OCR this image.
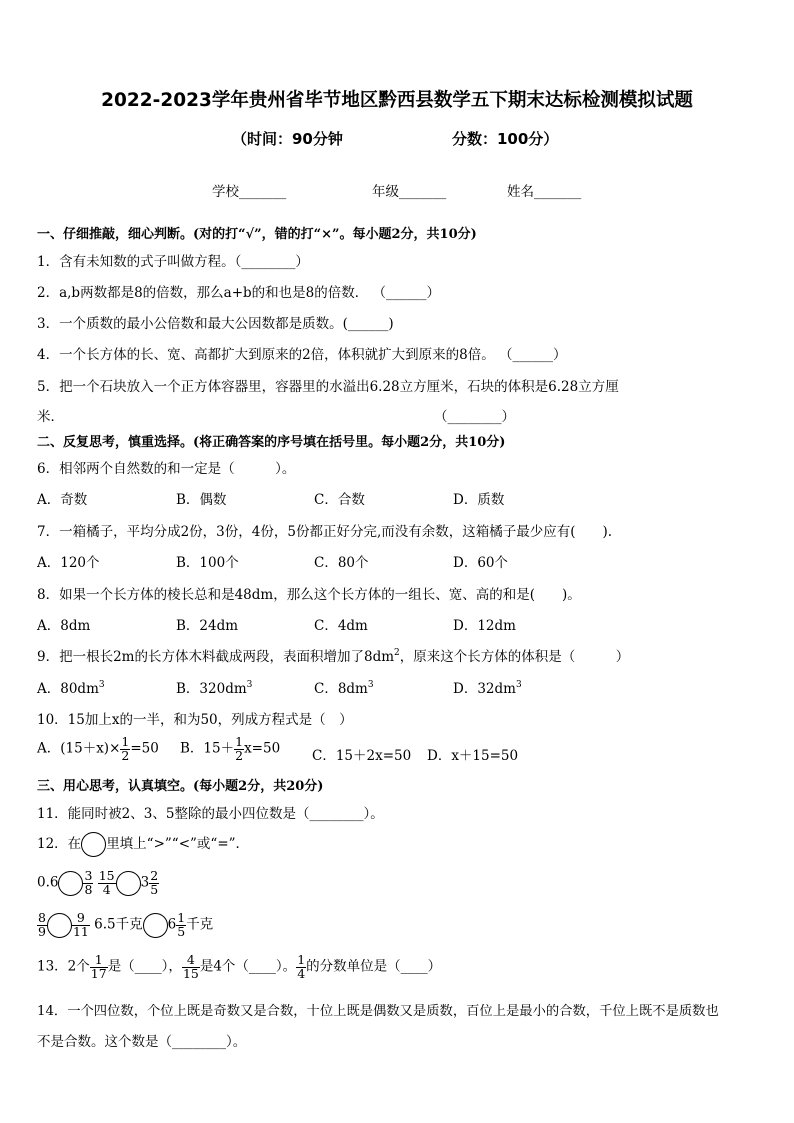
2022-2023学年贵州省毕节地区黔西县数学五下期末达标检测模拟试题
（时间：90分钟	分数：100分）
学校_______	年级_______	姓名_______
一、仔细推敲，细心判断。(对的打“√”，错的打“×”。每小题2分，共10分)
1．含有未知数的式子叫做方程。（________）
2．a,b两数都是8的倍数，那么a+b的和也是8的倍数． （______）
3．一个质数的最小公倍数和最大公因数都是质数。(______)
4．一个长方体的长、宽、高都扩大到原来的2倍，体积就扩大到原来的8倍。 （______）
5．把一个石块放入一个正方体容器里，容器里的水溢出6.28立方厘米，石块的体积是6.28立方厘
米．	（________）
二、反复思考，慎重选择。(将正确答案的序号填在括号里。每小题2分，共10分)
6．相邻两个自然数的和一定是（　　　）。
A．奇数	B．偶数	C．合数	D．质数
7．一箱橘子，平均分成2份，3份，4份，5份都正好分完,而没有余数，这箱橘子最少应有(　　).
A．120个	B．100个	C．80个	D．60个
8．如果一个长方体的棱长总和是48dm，那么这个长方体的一组长、宽、高的和是(　　)。
A．8dm	B．24dm	C．4dm	D．12dm
9．把一根长2m的长方体木料截成两段，表面积增加了$8dm^2$，原来这个长方体的体积是（　　　）
A．$80dm^3$	B．$320dm^3$	C．$8dm^3$	D．$32dm^3$
10．15加上x的一半，和为50，列成方程式是（　）
A．$(15+x)\times \frac{1}{2} =50$ B．$15+ \frac{1}{2} x=50$ C．15＋2x=50 D．x＋15=50
三、用心思考，认真填空。(每小题2分，共20分)
11．能同时被2、3、5整除的最小四位数是（________）。
12．在 里填上“>”“<”或“=”．
$0.6 \frac{3}{8}$
$\frac{15}{4} 3 \frac{2}{5}$
$\frac{8}{9} \frac{9}{11} 6.5$千克 $6 \frac{1}{5}$ 千克
13．2个 $\frac{1}{17}$ 是（____）， $\frac{4}{15}$ 是4个（____）。 $\frac{1}{4}$ 的分数单位是（____）
14．一个四位数，个位上既是奇数又是合数，十位上既是偶数又是质数，百位上是最小的合数，千位上既不是质数也
不是合数。这个数是（________）。
